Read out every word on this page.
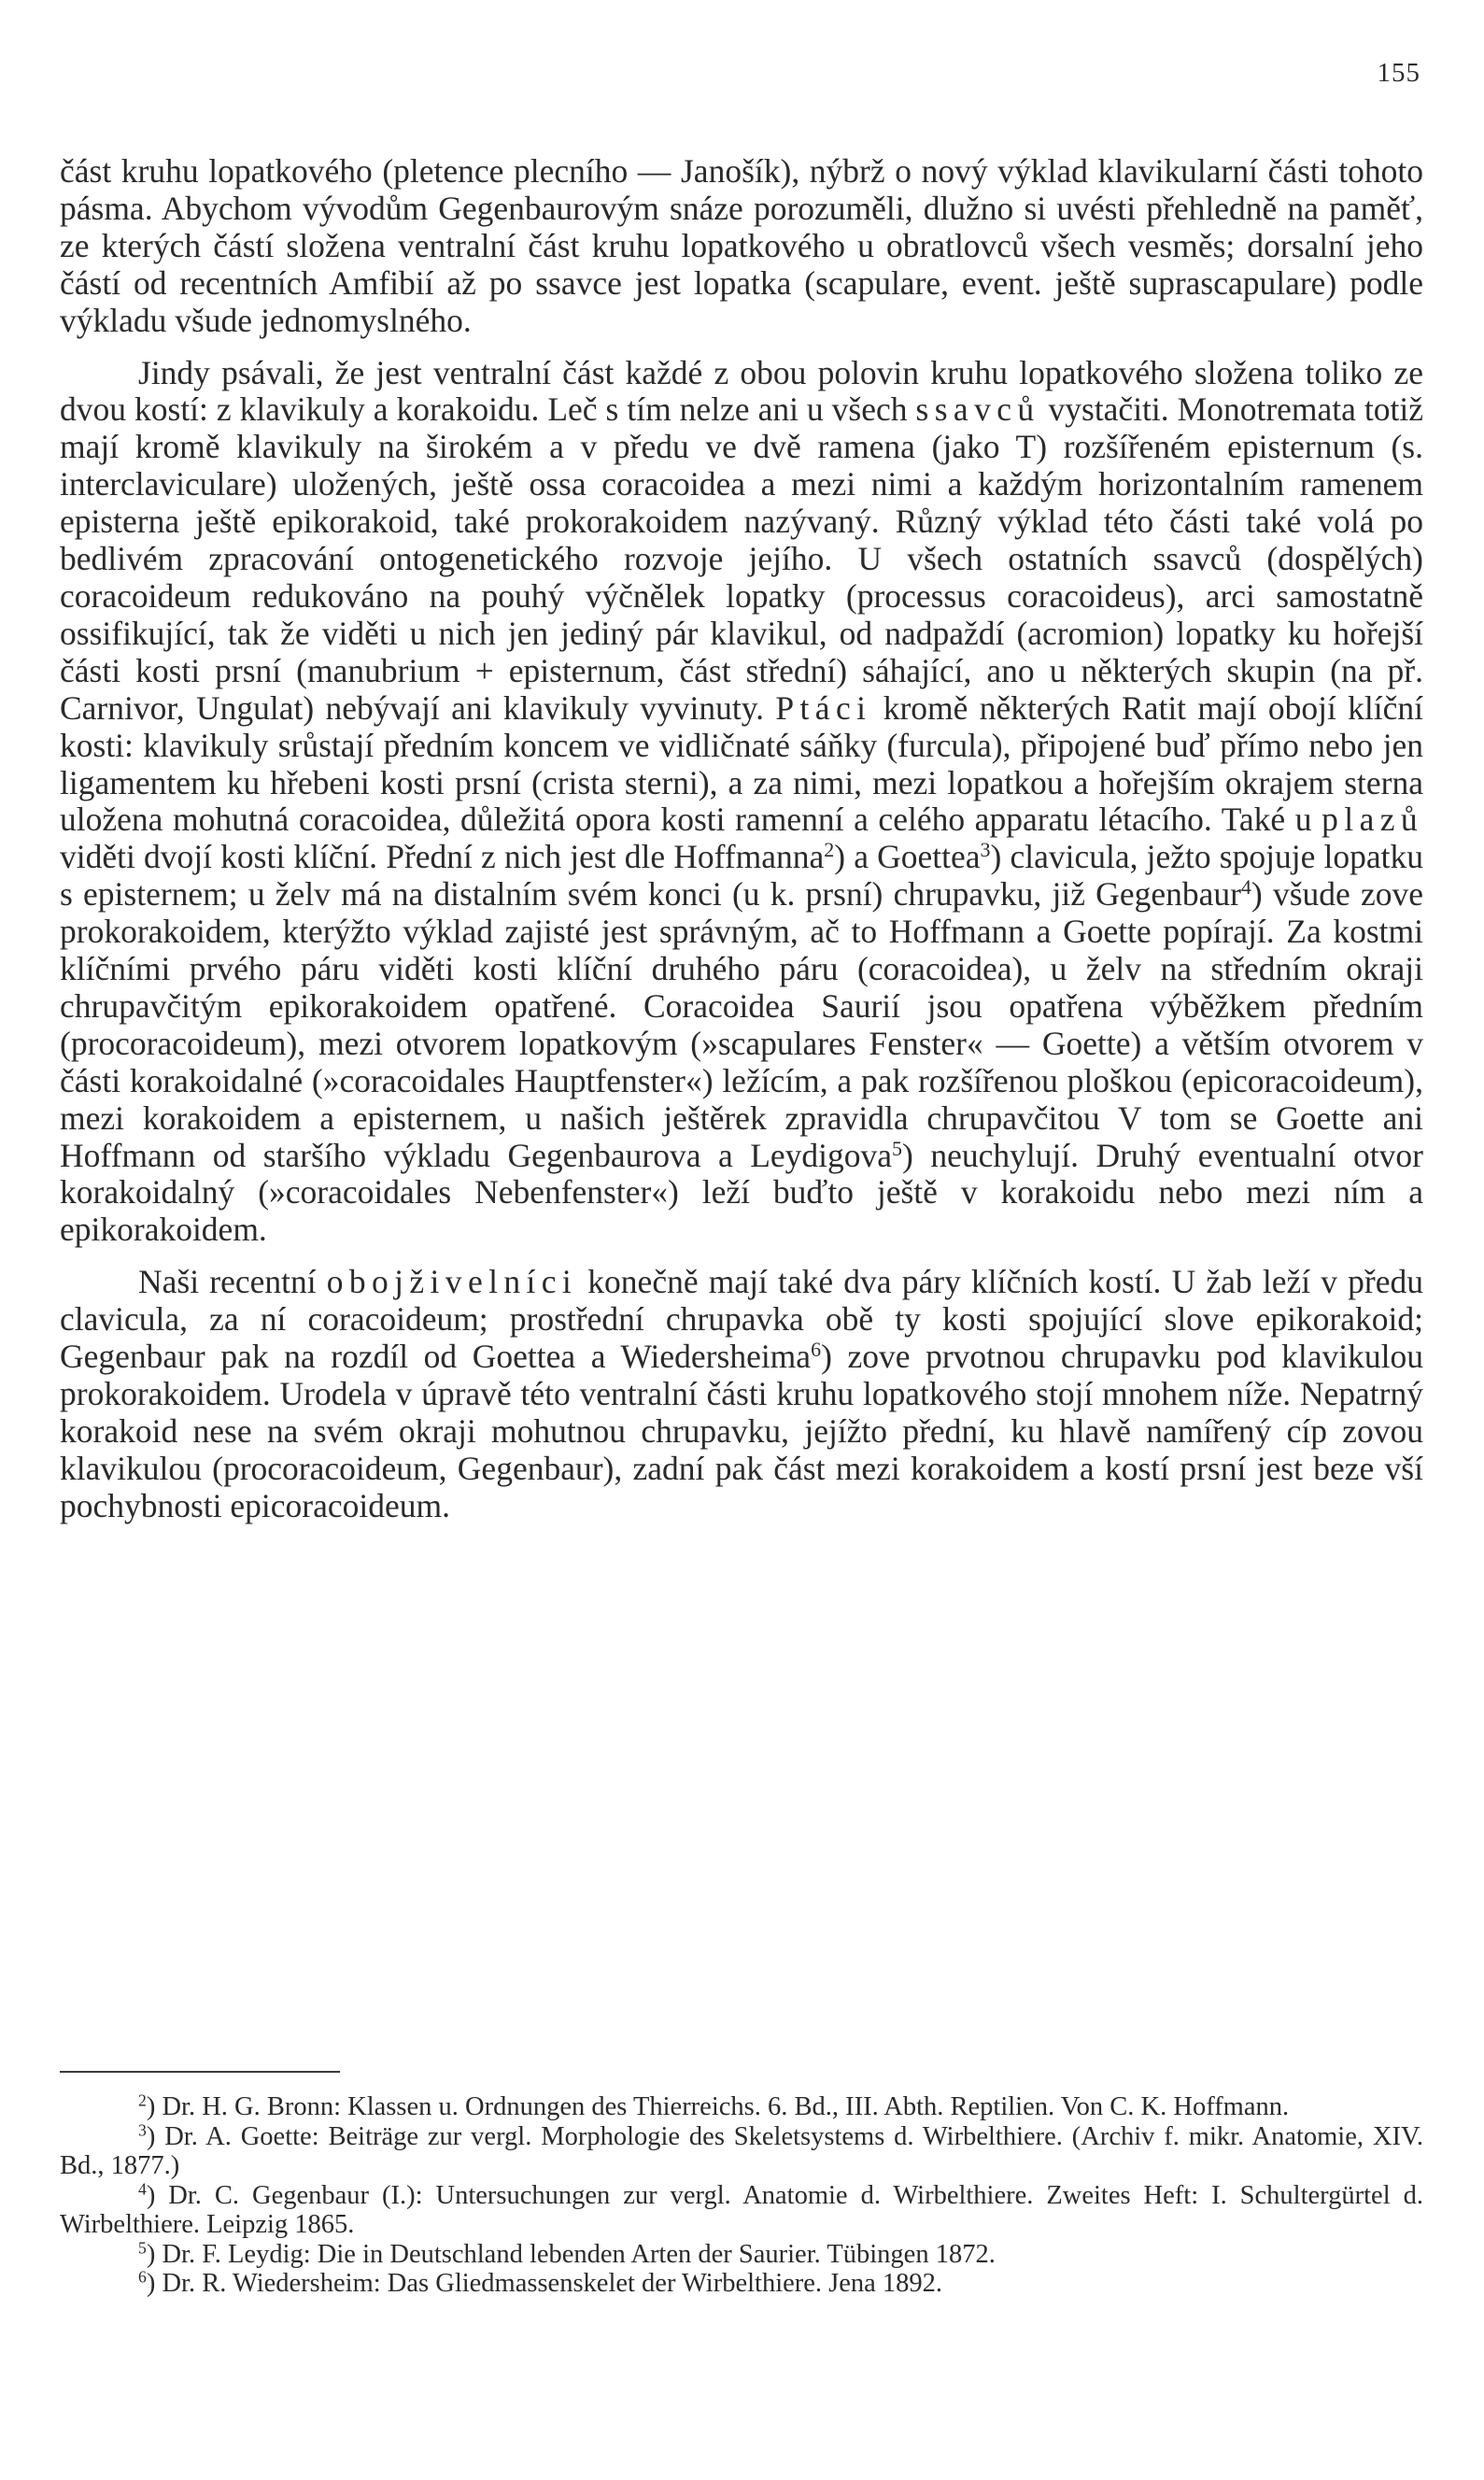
155

část kruhu lopatkového (pletence plecního — Janošík), nýbrž o nový výklad klavikularní části tohoto pásma. Abychom vývodům Gegenbaurovým snáze porozuměli, dlužno si uvésti přehledně na paměť, ze kterých částí složena ventralní část kruhu lopatkového u obratlovců všech vesměs; dorsalní jeho částí od recentních Amfibií až po ssavce jest lopatka (scapulare, event. ještě suprascapulare) podle výkladu všude jednomyslného.

Jindy psávali, že jest ventralní část každé z obou polovin kruhu lopatkového složena toliko ze dvou kostí: z klavikuly a korakoidu. Leč s tím nelze ani u všech ssavců vystačiti. Monotremata totiž mají kromě klavikuly na širokém a v předu ve dvě ramena (jako T) rozšířeném episternum (s. interclaviculare) uložených, ještě ossa coracoidea a mezi nimi a každým horizontalním ramenem episterna ještě epikorakoid, také prokorakoidem nazývaný. Různý výklad této části také volá po bedlivém zpracování ontogenetického rozvoje jejího. U všech ostatních ssavců (dospělých) coracoideum redukováno na pouhý výčnělek lopatky (processus coracoideus), arci samostatně ossifikující, tak že viděti u nich jen jediný pár klavikul, od nadpaždí (acromion) lopatky ku hořejší části kosti prsní (manubrium + episternum, část střední) sáhající, ano u některých skupin (na př. Carnivor, Ungulat) nebývají ani klavikuly vyvinuty. Ptáci kromě některých Ratit mají obojí klíční kosti: klavikuly srůstají předním koncem ve vidličnaté sáňky (furcula), připojené buď přímo nebo jen ligamentem ku hřebeni kosti prsní (crista sterni), a za nimi, mezi lopatkou a hořejším okrajem sterna uložena mohutná coracoidea, důležitá opora kosti ramenní a celého apparatu létacího. Také u plazů viděti dvojí kosti klíční. Přední z nich jest dle Hoffmanna$^2$) a Goettea$^3$) clavicula, ježto spojuje lopatku s episternem; u želv má na distalním svém konci (u k. prsní) chrupavku, již Gegenbaur$^4$) všude zove prokorakoidem, kterýžto výklad zajisté jest správným, ač to Hoffmann a Goette popírají. Za kostmi klíčními prvého páru viděti kosti klíční druhého páru (coracoidea), u želv na středním okraji chrupavčitým epikorakoidem opatřené. Coracoidea Saurií jsou opatřena výběžkem předním (procoracoideum), mezi otvorem lopatkovým (»scapulares Fenster« — Goette) a větším otvorem v části korakoidalné (»coracoidales Hauptfenster«) ležícím, a pak rozšířenou ploškou (epicoracoideum), mezi korakoidem a episternem, u našich ještěrek zpravidla chrupavčitou V tom se Goette ani Hoffmann od staršího výkladu Gegenbaurova a Leydigova$^5$) neuchylují. Druhý eventualní otvor korakoidalný (»coracoidales Nebenfenster«) leží buďto ještě v korakoidu nebo mezi ním a epikorakoidem.

Naši recentní obojživelníci konečně mají také dva páry klíčních kostí. U žab leží v předu clavicula, za ní coracoideum; prostřední chrupavka obě ty kosti spojující slove epikorakoid; Gegenbaur pak na rozdíl od Goettea a Wiedersheima$^6$) zove prvotnou chrupavku pod klavikulou prokorakoidem. Urodela v úpravě této ventralní části kruhu lopatkového stojí mnohem níže. Nepatrný korakoid nese na svém okraji mohutnou chrupavku, jejížto přední, ku hlavě namířený cíp zovou klavikulou (procoracoideum, Gegenbaur), zadní pak část mezi korakoidem a kostí prsní jest beze vší pochybnosti epicoracoideum.

$^2$) Dr. H. G. Bronn: Klassen u. Ordnungen des Thierreichs. 6. Bd., III. Abth. Reptilien. Von C. K. Hoffmann.

$^3$) Dr. A. Goette: Beiträge zur vergl. Morphologie des Skeletsystems d. Wirbelthiere. (Archiv f. mikr. Anatomie, XIV. Bd., 1877.)

$^4$) Dr. C. Gegenbaur (I.): Untersuchungen zur vergl. Anatomie d. Wirbelthiere. Zweites Heft: I. Schultergürtel d. Wirbelthiere. Leipzig 1865.

$^5$) Dr. F. Leydig: Die in Deutschland lebenden Arten der Saurier. Tübingen 1872.

$^6$) Dr. R. Wiedersheim: Das Gliedmassenskelet der Wirbelthiere. Jena 1892.
